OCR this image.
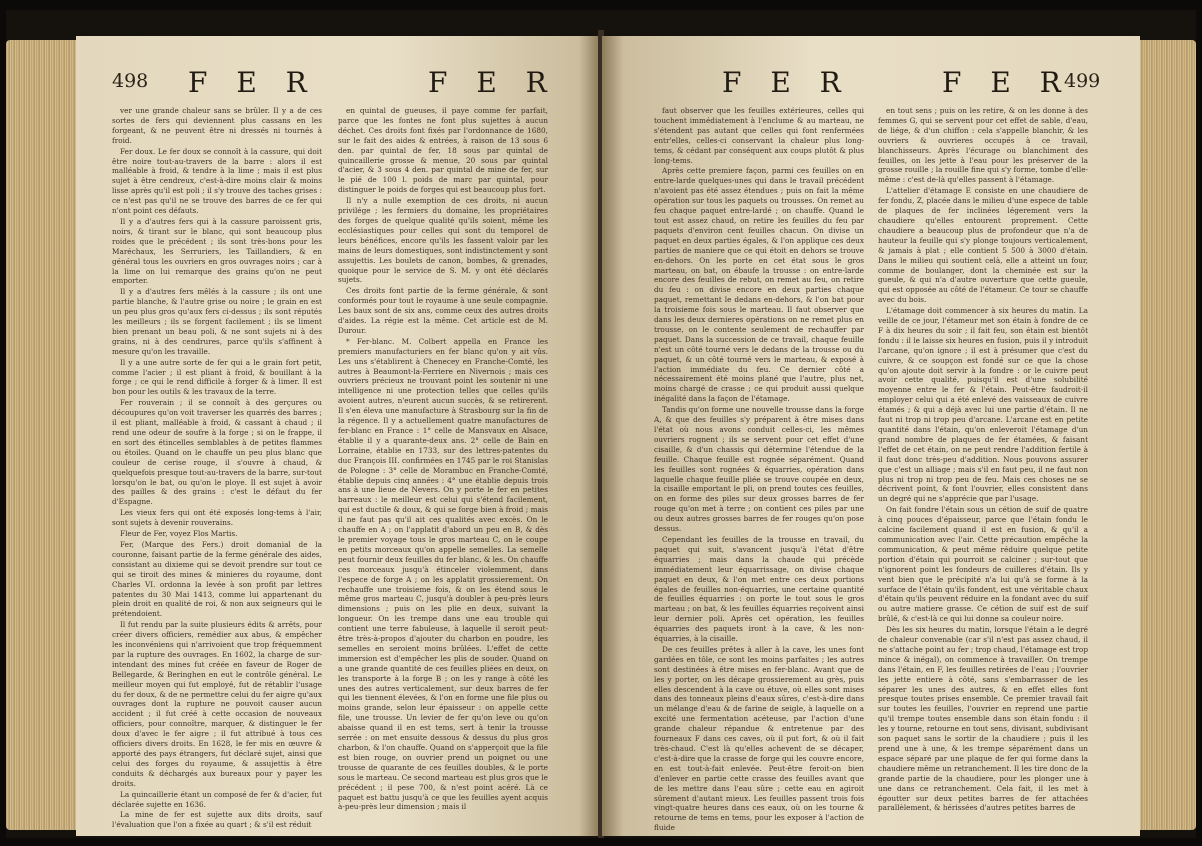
498 F E R	F E R

ver une grande chaleur sans se brûler. Il y a de ces sortes de fers qui deviennent plus cassans en les forgeant, & ne peuvent être ni dressés ni tournés à froid.

Fer doux. Le fer doux se connoît à la cassure, qui doit être noire tout-au-travers de la barre : alors il est malléable à froid, & tendre à la lime ; mais il est plus sujet à être cendreux, c'est-à-dire moins clair & moins lisse après qu'il est poli ; il s'y trouve des taches grises : ce n'est pas qu'il ne se trouve des barres de ce fer qui n'ont point ces défauts.

Il y a d'autres fers qui à la cassure paroissent gris, noirs, & tirant sur le blanc, qui sont beaucoup plus roides que le précédent ; ils sont très-bons pour les Maréchaux, les Serruriers, les Taillandiers, & en général tous les ouvriers en gros ouvrages noirs ; car à la lime on lui remarque des grains qu'on ne peut emporter.

Il y a d'autres fers mêlés à la cassure ; ils ont une partie blanche, & l'autre grise ou noire ; le grain en est un peu plus gros qu'aux fers ci-dessus ; ils sont réputés les meilleurs ; ils se forgent facilement ; ils se liment bien prenant un beau poli, & ne sont sujets ni à des grains, ni à des cendrures, parce qu'ils s'affinent à mesure qu'on les travaille.

Il y a une autre sorte de fer qui a le grain fort petit, comme l'acier ; il est pliant à froid, & bouillant à la forge ; ce qui le rend difficile à forger & à limer. Il est bon pour les outils & les travaux de la terre.

Fer rouverain ; il se connoît à des gerçures ou découpures qu'on voit traverser les quarrés des barres ; il est pliant, malléable à froid, & cassant à chaud ; il rend une odeur de soufre à la forge ; si on le frappe, il en sort des étincelles semblables à de petites flammes ou étoiles. Quand on le chauffe un peu plus blanc que couleur de cerise rouge, il s'ouvre à chaud, & quelquefois presque tout-au-travers de la barre, sur-tout lorsqu'on le bat, ou qu'on le ploye. Il est sujet à avoir des pailles & des grains : c'est le défaut du fer d'Espagne.

Les vieux fers qui ont été exposés long-tems à l'air, sont sujets à devenir rouverains.

Fleur de Fer, voyez Flos Martis.

Fer, (Marque des Fers.) droit domanial de la couronne, faisant partie de la ferme générale des aides, consistant au dixieme qui se devoit prendre sur tout ce qui se tiroit des mines & minieres du royaume, dont Charles VI. ordonna la levée à son profit par lettres patentes du 30 Mai 1413, comme lui appartenant du plein droit en qualité de roi, & non aux seigneurs qui le prétendoient.

Il fut rendu par la suite plusieurs édits & arrêts, pour créer divers officiers, remédier aux abus, & empêcher les inconvéniens qui n'arrivoient que trop fréquemment par la rupture des ouvrages. En 1602, la charge de sur-intendant des mines fut créée en faveur de Roger de Bellegarde, & Beringhen en eut le contrôle général. Le meilleur moyen qui fut employé, fut de rétablir l'usage du fer doux, & de ne permettre celui du fer aigre qu'aux ouvrages dont la rupture ne pouvoit causer aucun accident ; il fut créé à cette occasion de nouveaux officiers, pour connoître, marquer, & distinguer le fer doux d'avec le fer aigre ; il fut attribué à tous ces officiers divers droits. En 1628, le fer mis en œuvre & apporté des pays étrangers, fut déclaré sujet, ainsi que celui des forges du royaume, & assujettis à être conduits & déchargés aux bureaux pour y payer les droits.

La quincaillerie étant un composé de fer & d'acier, fut déclarée sujette en 1636.

La mine de fer est sujette aux dits droits, sauf l'évaluation que l'on a fixée au quart ; & s'il est réduit

en quintal de gueuses, il paye comme fer parfait, parce que les fontes ne font plus sujettes à aucun déchet. Ces droits font fixés par l'ordonnance de 1680, sur le fait des aides & entrées, à raison de 13 sous 6 den. par quintal de fer, 18 sous par quintal de quincaillerie grosse & menue, 20 sous par quintal d'acier, & 3 sous 4 den. par quintal de mine de fer, sur le pié de 100 l. poids de marc par quintal, pour distinguer le poids de forges qui est beaucoup plus fort.

Il n'y a nulle exemption de ces droits, ni aucun privilége ; les fermiers du domaine, les propriétaires des forges de quelque qualité qu'ils soient, même les ecclésiastiques pour celles qui sont du temporel de leurs bénéfices, encore qu'ils les fassent valoir par les mains de leurs domestiques, sont indistinctement y sont assujettis. Les boulets de canon, bombes, & grenades, quoique pour le service de S. M. y ont été déclarés sujets.

Ces droits font partie de la ferme générale, & sont conformés pour tout le royaume à une seule compagnie. Les baux sont de six ans, comme ceux des autres droits d'aides. La régie est la même. Cet article est de M. Durour.

* Fer-blanc. M. Colbert appella en France les premiers manufacturiers en fer blanc qu'on y ait vûs. Les uns s'établirent à Chenecey en Franche-Comté, les autres à Beaumont-la-Ferriere en Nivernois ; mais ces ouvriers précieux ne trouvant point les soutenir ni une intelligence ni une protection telles que celles qu'ils avoient autres, n'eurent aucun succès, & se retirerent. Il s'en éleva une manufacture à Strasbourg sur la fin de la régence. Il y a actuellement quatre manufactures de fer-blanc en France : 1° celle de Mansvaux en Alsace, établie il y a quarante-deux ans. 2° celle de Bain en Lorraine, établie en 1733, sur des lettres-patentes du duc François III. confirmées en 1745 par le roi Stanislas de Pologne : 3° celle de Morambuc en Franche-Comté, établie depuis cinq années : 4° une établie depuis trois ans à une lieue de Nevers. On y porte le fer en petites barreaux : le meilleur est celui qui s'étend facilement, qui est ductile & doux, & qui se forge bien à froid ; mais il ne faut pas qu'il ait ces qualités avec excès. On le chauffe en A ; on l'applatit d'abord un peu en B, & dès le premier voyage tous le gros marteau C, on le coupe en petits morceaux qu'on appelle semelles. La semelle peut fournir deux feuilles du fer blanc, & les. On chauffe ces morceaux jusqu'à étinceler violemment, dans l'espece de forge A ; on les applatit grossierement. On rechauffe une troisieme fois, & on les étend sous le même gros marteau C, jusqu'à doubler à peu-près leurs dimensions ; puis on les plie en deux, suivant la longueur. On les trempe dans une eau trouble qui contient une terre fabuleuse, à laquelle il seroit peut-être très-à-propos d'ajouter du charbon en poudre, les semelles en seroient moins brûlées. L'effet de cette immersion est d'empêcher les plis de souder. Quand on a une grande quantité de ces feuilles pliées en deux, on les transporte à la forge B ; on les y range à côté les unes des autres verticalement, sur deux barres de fer qui les tiennent élevées, & l'on en forme une file plus ou moins grande, selon leur épaisseur : on appelle cette file, une trousse. Un levier de fer qu'on leve ou qu'on abaisse quand il en est tems, sert à tenir la trousse serrée : on met ensuite dessous & dessus du plus gros charbon, & l'on chauffe. Quand on s'apperçoit que la file est bien rouge, on ouvrier prend un poignet ou une trousse de quarante de ces feuilles doubles, & le porte sous le marteau. Ce second marteau est plus gros que le précédent ; il pese 700, & n'est point acéré. Là ce paquet est battu jusqu'à ce que les feuilles ayent acquis à-peu-près leur dimension ; mais il

F E R	F E R
499

faut observer que les feuilles extérieures, celles qui touchent immédiatement à l'enclume & au marteau, ne s'étendent pas autant que celles qui font renfermées entr'elles, celles-ci conservant la chaleur plus long-tems, & cédant par conséquent aux coups plutôt & plus long-tems.

Après cette premiere façon, parmi ces feuilles on en entre-larde quelques-unes qui dans le travail précédent n'avoient pas été assez étendues ; puis on fait la même opération sur tous les paquets ou trousses. On remet au feu chaque paquet entre-lardé ; on chauffe. Quand le tout est assez chaud, on retire les feuilles du feu par paquets d'environ cent feuilles chacun. On divise un paquet en deux parties égales, & l'on applique ces deux parties de maniere que ce qui étoit en dehors se trouve en-dehors. On les porte en cet état sous le gros marteau, on bat, on ébaufe la trousse : on entre-larde encore des feuilles de rebut, on remet au feu, on retire du feu : on divise encore en deux parties chaque paquet, remettant le dedans en-dehors, & l'on bat pour la troisieme fois sous le marteau. Il faut observer que dans les deux dernieres opérations on ne remet plus en trousse, on le contente seulement de rechauffer par paquet. Dans la succession de ce travail, chaque feuille n'est un côté tourné vers le dedans de la trousse ou du paquet, & un côté tourné vers le marteau, & exposé à l'action immédiate du feu. Ce dernier côté a nécessairement été moins plané que l'autre, plus net, moins chargé de crasse ; ce qui produit aussi quelque inégalité dans la façon de l'étamage.

Tandis qu'on forme une nouvelle trousse dans la forge A, & que des feuilles s'y préparent à être mises dans l'état où nous avons conduit celles-ci, les mêmes ouvriers rognent ; ils se servent pour cet effet d'une cisaille, & d'un chassis qui détermine l'étendue de la feuille. Chaque feuille est rognée séparément. Quand les feuilles sont rognées & équarries, opération dans laquelle chaque feuille pliée se trouve coupée en deux, la cisaille emportant le pli, on prend toutes ces feuilles, on en forme des piles sur deux grosses barres de fer rouge qu'on met à terre ; on contient ces piles par une ou deux autres grosses barres de fer rouges qu'on pose dessus.

Cependant les feuilles de la trousse en travail, du paquet qui suit, s'avancent jusqu'à l'état d'être équarries ; mais dans la chaude qui précède immédiatement leur équarrissage, on divise chaque paquet en deux, & l'on met entre ces deux portions égales de feuilles non-équarries, une certaine quantité de feuilles équarries : on porte le tout sous le gros marteau ; on bat, & les feuilles équarries reçoivent ainsi leur dernier poli. Après cet opération, les feuilles équarries des paquets iront à la cave, & les non-équarries, à la cisaille.

De ces feuilles prêtes à aller à la cave, les unes font gardées en tôle, ce sont les moins parfaites ; les autres sont destinées à être mises en fer-blanc. Avant que de les y porter, on les décape grossierement au grès, puis elles descendent à la cave ou étuve, où elles sont mises dans des tonneaux pleins d'eaux sûres, c'est-à-dire dans un mélange d'eau & de farine de seigle, à laquelle on a excité une fermentation acéteuse, par l'action d'une grande chaleur répandue & entretenue par des fourneaux F dans ces caves, où il put fort, & où il fait très-chaud. C'est là qu'elles achevent de se décaper, c'est-à-dire que la crasse de forge qui les couvre encore, en est tout-à-fait enlevée. Peut-être feroit-on bien d'enlever en partie cette crasse des feuilles avant que de les mettre dans l'eau sûre ; cette eau en agiroit sûrement d'autant mieux. Les feuilles passent trois fois vingt-quatre heures dans ces eaux, où on les tourne & retourne de tems en tems, pour les exposer à l'action de fluide

en tout sens ; puis on les retire, & on les donne à des femmes G, qui se servent pour cet effet de sable, d'eau, de liége, & d'un chiffon : cela s'appelle blanchir, & les ouvriers & ouvrieres occupés à ce travail, blanchisseurs. Après l'écurage ou blanchiment des feuilles, on les jette à l'eau pour les préserver de la grosse rouille ; la rouille fine qui s'y forme, tombe d'elle-même : c'est de-là qu'elles passent à l'étamage.

L'attelier d'étamage E consiste en une chaudiere de fer fondu, Z, placée dans le milieu d'une espece de table de plaques de fer inclinées légerement vers la chaudiere qu'elles entourent proprement. Cette chaudiere a beaucoup plus de profondeur que n'a de hauteur la feuille qui s'y plonge toujours verticalement, & jamais à plat ; elle contient 5 500 à 3000 d'étain. Dans le milieu qui soutient celà, elle a atteint un four, comme de boulanger, dont la cheminée est sur la gueule, & qui n'a d'autre ouverture que cette gueule, qui est opposée au côté de l'étameur. Ce tour se chauffe avec du bois.

L'étamage doit commencer à six heures du matin. La veille de ce jour, l'étameur met son étain à fondre de ce F à dix heures du soir ; il fait feu, son étain est bientôt fondu : il le laisse six heures en fusion, puis il y introduit l'arcane, qu'on ignore ; il est à présumer que c'est du cuivre, & ce soupçon est fondé sur ce que la chose qu'on ajoute doit servir à la fondre : or le cuivre peut avoir cette qualité, puisqu'il est d'une solubilité moyenne entre le fer & l'étain. Peut-être faudroit-il employer celui qui a été enlevé des vaisseaux de cuivre étamés ; & qui a déjà avec lui une partie d'étain. Il ne faut ni trop ni trop peu d'arcane. L'arcane est en petite quantité dans l'étain, qu'on enleveroit l'étamage d'un grand nombre de plaques de fer étamées, & faisant l'effet de cet étain, on ne peut rendre l'addition fertile à il faut donc très-peu d'addition. Nous pouvons assurer que c'est un alliage ; mais s'il en faut peu, il ne faut non plus ni trop ni trop peu de feu. Mais ces choses ne se décrivent point, & font l'ouvrier, elles consistent dans un degré qui ne s'apprécie que par l'usage.

On fait fondre l'étain sous un cétion de suif de quatre à cinq pouces d'épaisseur, parce que l'étain fondu le calcine facilement quand il est en fusion, & qu'il a communication avec l'air. Cette précaution empêche la communication, & peut même réduire quelque petite portion d'étain qui pourroit se calciner ; sur-tout que n'ignorent point les fondeurs de cuilleres d'étain. Ils y vent bien que le précipité n'a lui qu'à se forme à la surface de l'étain qu'ils fondent, est une véritable chaux d'étain qu'ils peuvent réduire en la fondant avec du suif ou autre matiere grasse. Ce cétion de suif est de suif brûlé, & c'est-là ce qui lui donne sa couleur noire.

Dès les six heures du matin, lorsque l'étain a le degré de chaleur convenable (car s'il n'est pas assez chaud, il ne s'attache point au fer ; trop chaud, l'étamage est trop mince & inégal), on commence à travailler. On trempe dans l'étain, en F, les feuilles retirées de l'eau ; l'ouvrier les jette entiere à côté, sans s'embarrasser de les séparer les unes des autres, & en effet elles font presque toutes prises ensemble. Ce premier travail fait sur toutes les feuilles, l'ouvrier en reprend une partie qu'il trempe toutes ensemble dans son étain fondu : il les y tourne, retourne en tout sens, divisant, subdivisant son paquet sans le sortir de la chaudiere ; puis il les prend une à une, & les trempe séparément dans un espace séparé par une plaque de fer qui forme dans la chaudiere même un retranchement. Il les tire donc de la grande partie de la chaudiere, pour les plonger une à une dans ce retranchement. Cela fait, il les met à égoutter sur deux petites barres de fer attachées parallèlement, & hérissées d'autres petites barres de
